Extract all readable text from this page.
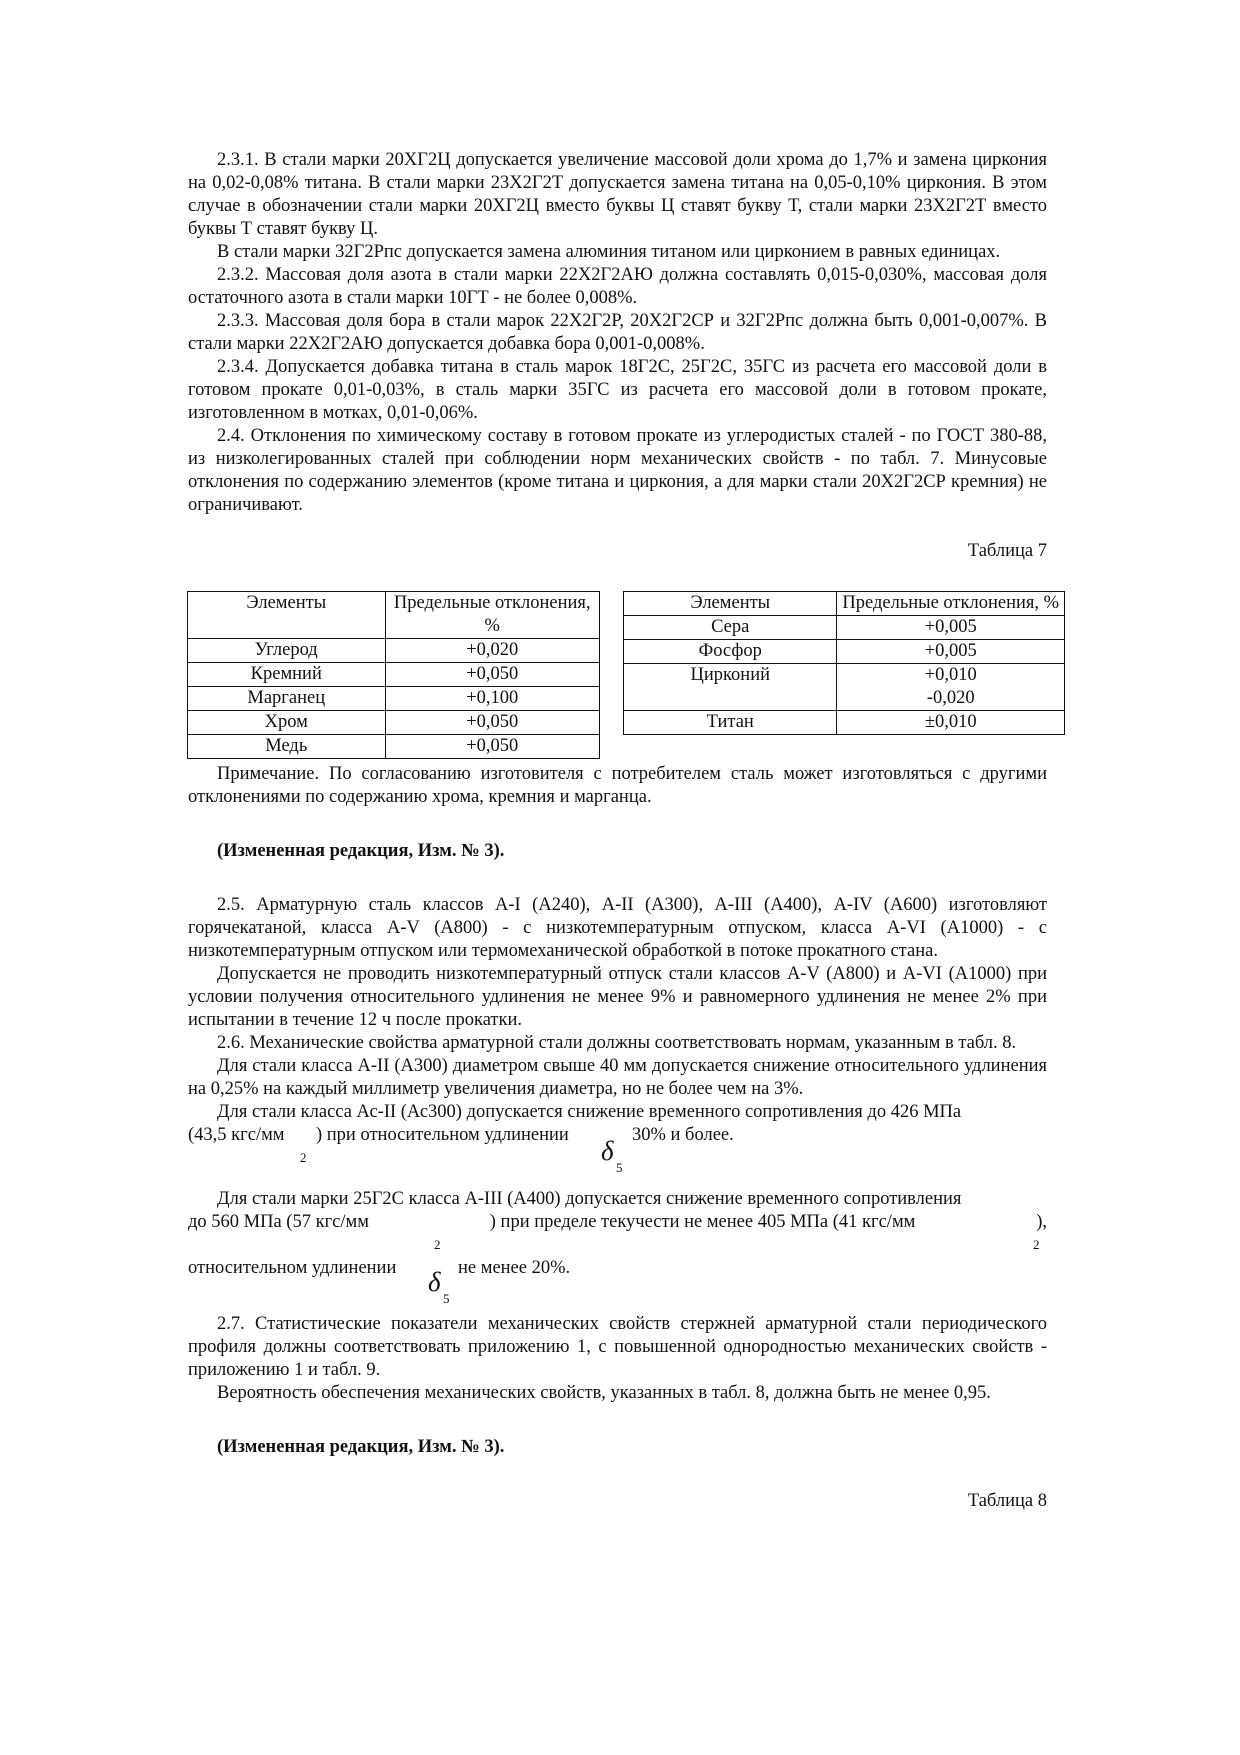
2.3.1. В стали марки 20ХГ2Ц допускается увеличение массовой доли хрома до 1,7% и замена циркония на 0,02-0,08% титана. В стали марки 23Х2Г2Т допускается замена титана на 0,05-0,10% циркония. В этом случае в обозначении стали марки 20ХГ2Ц вместо буквы Ц ставят букву Т, стали марки 23Х2Г2Т вместо буквы Т ставят букву Ц.

В стали марки 32Г2Рпс допускается замена алюминия титаном или цирконием в равных единицах.

2.3.2. Массовая доля азота в стали марки 22Х2Г2АЮ должна составлять 0,015-0,030%, массовая доля остаточного азота в стали марки 10ГТ - не более 0,008%.

2.3.3. Массовая доля бора в стали марок 22Х2Г2Р, 20Х2Г2СР и 32Г2Рпс должна быть 0,001-0,007%. В стали марки 22Х2Г2АЮ допускается добавка бора 0,001-0,008%.

2.3.4. Допускается добавка титана в сталь марок 18Г2С, 25Г2С, 35ГС из расчета его массовой доли в готовом прокате 0,01-0,03%, в сталь марки 35ГС из расчета его массовой доли в готовом прокате, изготовленном в мотках, 0,01-0,06%.

2.4. Отклонения по химическому составу в готовом прокате из углеродистых сталей - по ГОСТ 380-88, из низколегированных сталей при соблюдении норм механических свойств - по табл. 7. Минусовые отклонения по содержанию элементов (кроме титана и циркония, а для марки стали 20Х2Г2СР кремния) не ограничивают.

Таблица 7

Элементы	Предельные отклонения, %
Углерод	+0,020
Кремний	+0,050
Марганец	+0,100
Хром	+0,050
Медь	+0,050
Элементы	Предельные отклонения, %
Сера	+0,005
Фосфор	+0,005
Цирконий	+0,010
	-0,020
Титан	±0,010

Примечание. По согласованию изготовителя с потребителем сталь может изготовляться с другими отклонениями по содержанию хрома, кремния и марганца.

(Измененная редакция, Изм. № 3).

2.5. Арматурную сталь классов А-I (А240), А-II (А300), А-III (А400), А-IV (А600) изготовляют горячекатаной, класса А-V (А800) - с низкотемпературным отпуском, класса А-VI (А1000) - с низкотемпературным отпуском или термомеханической обработкой в потоке прокатного стана.

Допускается не проводить низкотемпературный отпуск стали классов А-V (А800) и А-VI (А1000) при условии получения относительного удлинения не менее 9% и равномерного удлинения не менее 2% при испытании в течение 12 ч после прокатки.

2.6. Механические свойства арматурной стали должны соответствовать нормам, указанным в табл. 8.

Для стали класса А-II (А300) диаметром свыше 40 мм допускается снижение относительного удлинения на 0,25% на каждый миллиметр увеличения диаметра, но не более чем на 3%.

Для стали класса Ас-II (Ас300) допускается снижение временного сопротивления до 426 МПа

(43,5 кгс/мм
2
) при относительном удлинении
δ
5
30% и более.

Для стали марки 25Г2С класса А-III (А400) допускается снижение временного сопротивления

до 560 МПа (57 кгс/мм	) при пределе текучести не менее 405 МПа (41 кгс/мм	),
2	2
относительном удлинении δ
5
не менее 20%.

2.7. Статистические показатели механических свойств стержней арматурной стали периодического профиля должны соответствовать приложению 1, с повышенной однородностью механических свойств - приложению 1 и табл. 9.

Вероятность обеспечения механических свойств, указанных в табл. 8, должна быть не менее 0,95.

(Измененная редакция, Изм. № 3).

Таблица 8
